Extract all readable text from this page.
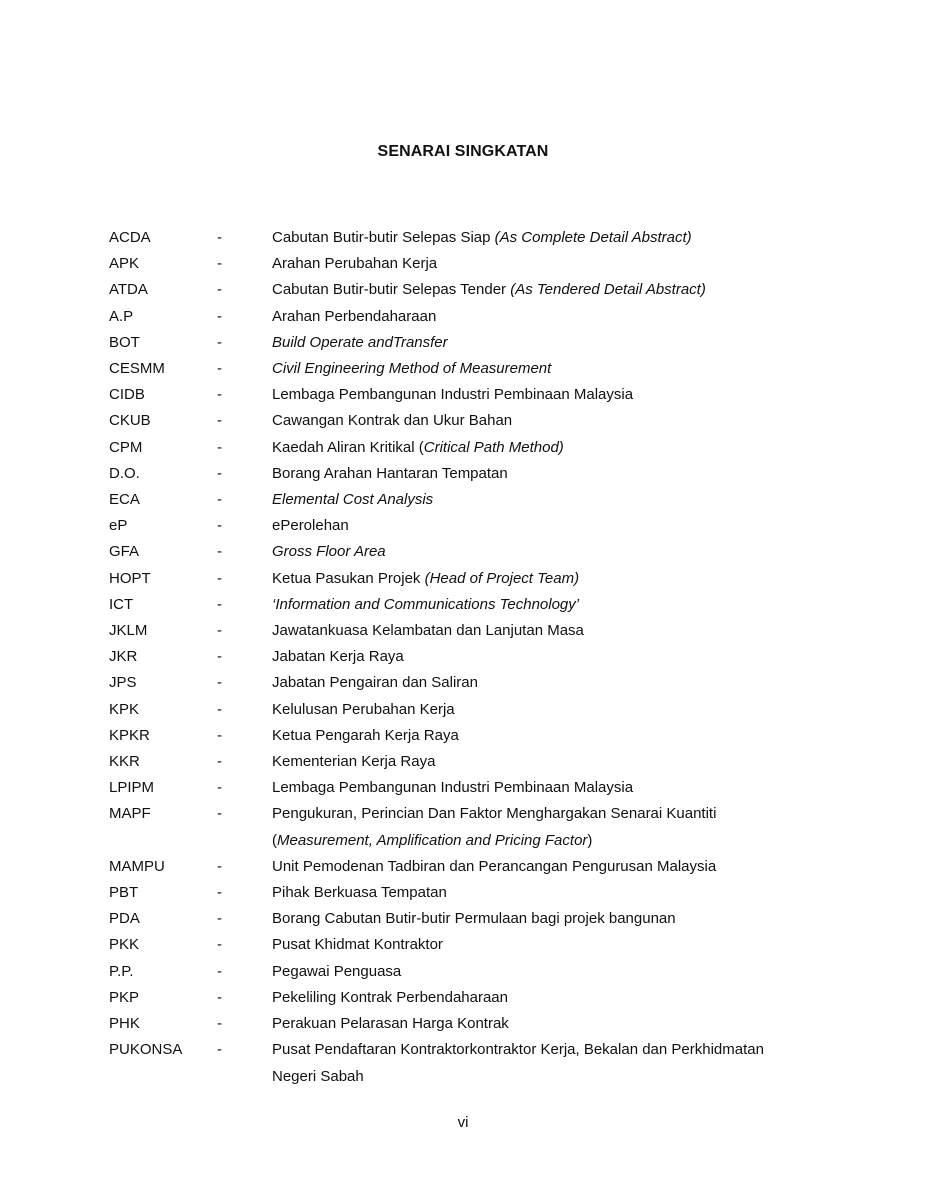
SENARAI SINGKATAN
ACDA	-	Cabutan Butir-butir Selepas Siap (As Complete Detail Abstract)
APK	-	Arahan Perubahan Kerja
ATDA	-	Cabutan Butir-butir Selepas Tender (As Tendered Detail Abstract)
A.P	-	Arahan Perbendaharaan
BOT	-	Build Operate andTransfer
CESMM	-	Civil Engineering Method of Measurement
CIDB	-	Lembaga Pembangunan Industri Pembinaan Malaysia
CKUB	-	Cawangan Kontrak dan Ukur Bahan
CPM	-	Kaedah Aliran Kritikal (Critical Path Method)
D.O.	-	Borang Arahan Hantaran Tempatan
ECA	-	Elemental Cost Analysis
eP	-	ePerolehan
GFA	-	Gross Floor Area
HOPT	-	Ketua Pasukan Projek (Head of Project Team)
ICT	-	‘Information and Communications Technology’
JKLM	-	Jawatankuasa Kelambatan dan Lanjutan Masa
JKR	-	Jabatan Kerja Raya
JPS	-	Jabatan Pengairan dan Saliran
KPK	-	Kelulusan Perubahan Kerja
KPKR	-	Ketua Pengarah Kerja Raya
KKR	-	Kementerian Kerja Raya
LPIPM	-	Lembaga Pembangunan Industri Pembinaan Malaysia
MAPF	-	Pengukuran, Perincian Dan Faktor Menghargakan Senarai Kuantiti
(Measurement, Amplification and Pricing Factor)
MAMPU	-	Unit Pemodenan Tadbiran dan Perancangan Pengurusan Malaysia
PBT	-	Pihak Berkuasa Tempatan
PDA	-	Borang Cabutan Butir-butir Permulaan bagi projek bangunan
PKK	-	Pusat Khidmat Kontraktor
P.P.	-	Pegawai Penguasa
PKP	-	Pekeliling Kontrak Perbendaharaan
PHK	-	Perakuan Pelarasan Harga Kontrak
PUKONSA -	Pusat Pendaftaran Kontraktorkontraktor Kerja, Bekalan dan Perkhidmatan
Negeri Sabah
vi
